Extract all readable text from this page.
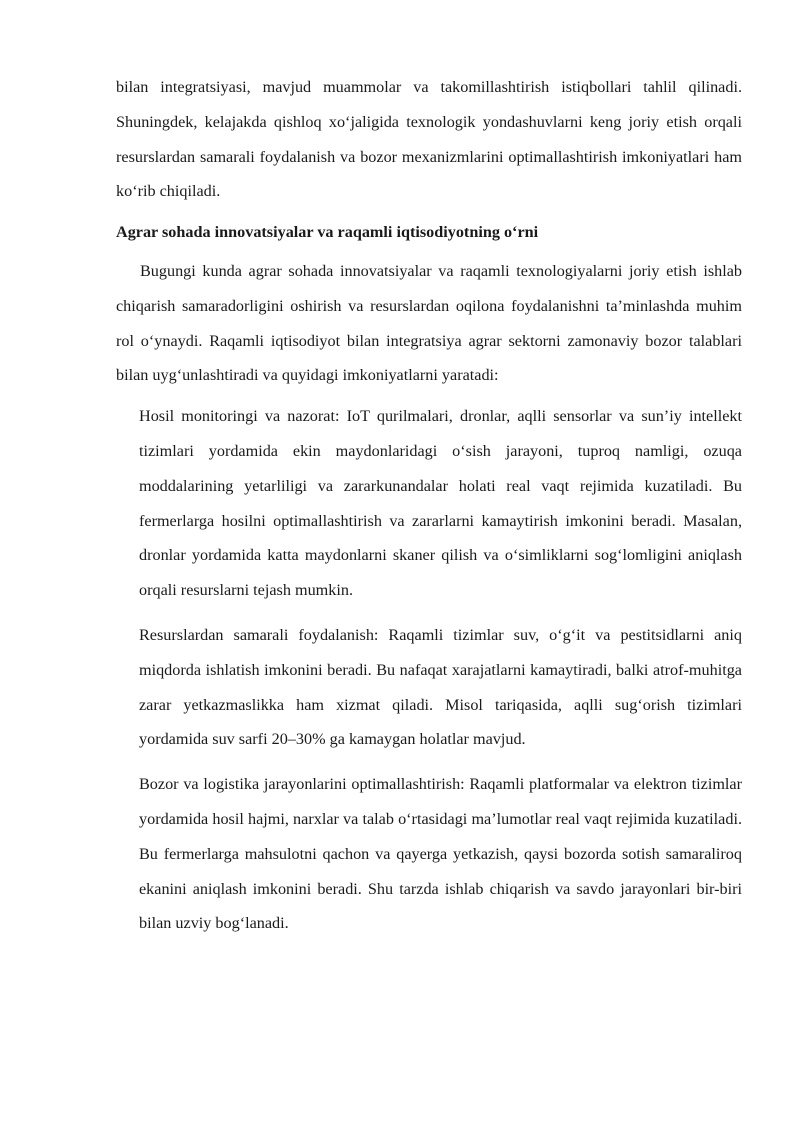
bilan integratsiyasi, mavjud muammolar va takomillashtirish istiqbollari tahlil qilinadi. Shuningdek, kelajakda qishloq xo‘jaligida texnologik yondashuvlarni keng joriy etish orqali resurslardan samarali foydalanish va bozor mexanizmlarini optimallashtirish imkoniyatlari ham ko‘rib chiqiladi.

Agrar sohada innovatsiyalar va raqamli iqtisodiyotning o‘rni

Bugungi kunda agrar sohada innovatsiyalar va raqamli texnologiyalarni joriy etish ishlab chiqarish samaradorligini oshirish va resurslardan oqilona foydalanishni ta’minlashda muhim rol o‘ynaydi. Raqamli iqtisodiyot bilan integratsiya agrar sektorni zamonaviy bozor talablari bilan uyg‘unlashtiradi va quyidagi imkoniyatlarni yaratadi:

Hosil monitoringi va nazorat: IoT qurilmalari, dronlar, aqlli sensorlar va sun’iy intellekt tizimlari yordamida ekin maydonlaridagi o‘sish jarayoni, tuproq namligi, ozuqa moddalarining yetarliligi va zararkunandalar holati real vaqt rejimida kuzatiladi. Bu fermerlarga hosilni optimallashtirish va zararlarni kamaytirish imkonini beradi. Masalan, dronlar yordamida katta maydonlarni skaner qilish va o‘simliklarni sog‘lomligini aniqlash orqali resurslarni tejash mumkin.

Resurslardan samarali foydalanish: Raqamli tizimlar suv, o‘g‘it va pestitsidlarni aniq miqdorda ishlatish imkonini beradi. Bu nafaqat xarajatlarni kamaytiradi, balki atrof-muhitga zarar yetkazmaslikka ham xizmat qiladi. Misol tariqasida, aqlli sug‘orish tizimlari yordamida suv sarfi 20–30% ga kamaygan holatlar mavjud.

Bozor va logistika jarayonlarini optimallashtirish: Raqamli platformalar va elektron tizimlar yordamida hosil hajmi, narxlar va talab o‘rtasidagi ma’lumotlar real vaqt rejimida kuzatiladi. Bu fermerlarga mahsulotni qachon va qayerga yetkazish, qaysi bozorda sotish samaraliroq ekanini aniqlash imkonini beradi. Shu tarzda ishlab chiqarish va savdo jarayonlari bir-biri bilan uzviy bog‘lanadi.
